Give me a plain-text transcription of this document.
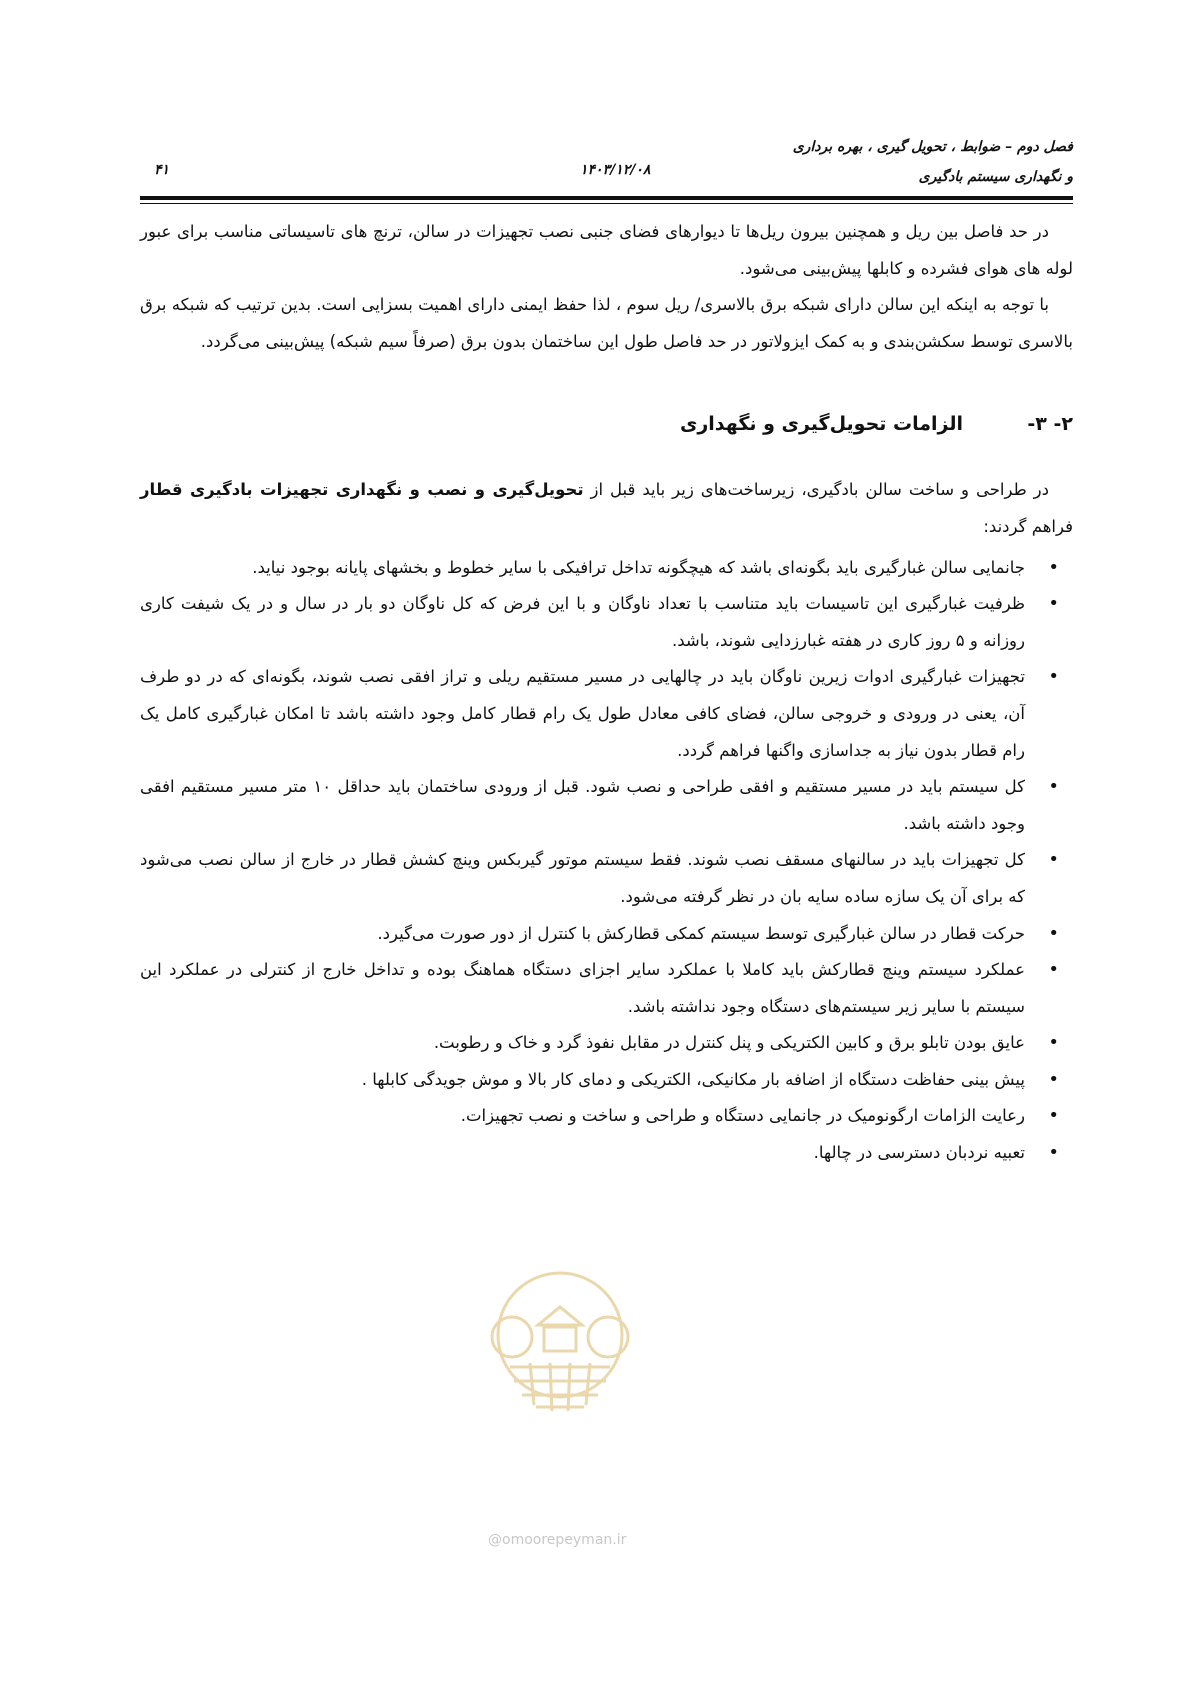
فصل دوم – ضوابط ، تحویل گیری ، بهره برداری
و نگهداری سیستم بادگیری
۱۴۰۳/۱۲/۰۸
۴۱

در حد فاصل بین ریل و همچنین بیرون ریل‌ها تا دیوارهای فضای جنبی نصب تجهیزات در سالن، ترنچ های تاسیساتی مناسب برای عبور لوله های هوای فشرده و کابلها پیش‌بینی می‌شود.

با توجه به اینکه این سالن دارای شبکه برق بالاسری/ ریل سوم ، لذا حفظ ایمنی دارای اهمیت بسزایی است. بدین ترتیب که شبکه برق بالاسری توسط سکشن‌بندی و به کمک ایزولاتور در حد فاصل طول این ساختمان بدون برق (صرفاً سیم شبکه) پیش‌بینی می‌گردد.

۲- ۳-الزامات تحویل‌گیری و نگهداری

در طراحی و ساخت سالن بادگیری، زیرساخت‌های زیر باید قبل از تحویل‌گیری و نصب و نگهداری تجهیزات بادگیری قطار فراهم گردند:

• جانمایی سالن غبارگیری باید بگونه‌ای باشد که هیچگونه تداخل ترافیکی با سایر خطوط و بخشهای پایانه بوجود نیاید.
• ظرفیت غبارگیری این تاسیسات باید متناسب با تعداد ناوگان و با این فرض که کل ناوگان دو بار در سال و در یک شیفت کاری روزانه و ۵ روز کاری در هفته غبارزدایی شوند، باشد.
• تجهیزات غبارگیری ادوات زیرین ناوگان باید در چالهایی در مسیر مستقیم ریلی و تراز افقی نصب شوند، بگونه‌ای که در دو طرف آن، یعنی در ورودی و خروجی سالن، فضای کافی معادل طول یک رام قطار کامل وجود داشته باشد تا امکان غبارگیری کامل یک رام قطار بدون نیاز به جداسازی واگنها فراهم گردد.
• کل سیستم باید در مسیر مستقیم و افقی طراحی و نصب شود. قبل از ورودی ساختمان باید حداقل ۱۰ متر مسیر مستقیم افقی وجود داشته باشد.
• کل تجهیزات باید در سالنهای مسقف نصب شوند. فقط سیستم موتور گیربکس وینچ کشش قطار در خارج از سالن نصب می‌شود که برای آن یک سازه ساده سایه بان در نظر گرفته می‌شود.
• حرکت قطار در سالن غبارگیری توسط سیستم کمکی قطارکش با کنترل از دور صورت می‌گیرد.
• عملکرد سیستم وینچ قطارکش باید کاملا با عملکرد سایر اجزای دستگاه هماهنگ بوده و تداخل خارج از کنترلی در عملکرد این سیستم با سایر زیر سیستم‌های دستگاه وجود نداشته باشد.
• عایق بودن تابلو برق و کابین الکتریکی و پنل کنترل در مقابل نفوذ گرد و خاک و رطوبت.
• پیش بینی حفاظت دستگاه از اضافه بار مکانیکی، الکتریکی و دمای کار بالا و موش جویدگی کابلها .
• رعایت الزامات ارگونومیک در جانمایی دستگاه و طراحی و ساخت و نصب تجهیزات.
• تعبیه نردبان دسترسی در چالها.
@omoorepeyman.ir
